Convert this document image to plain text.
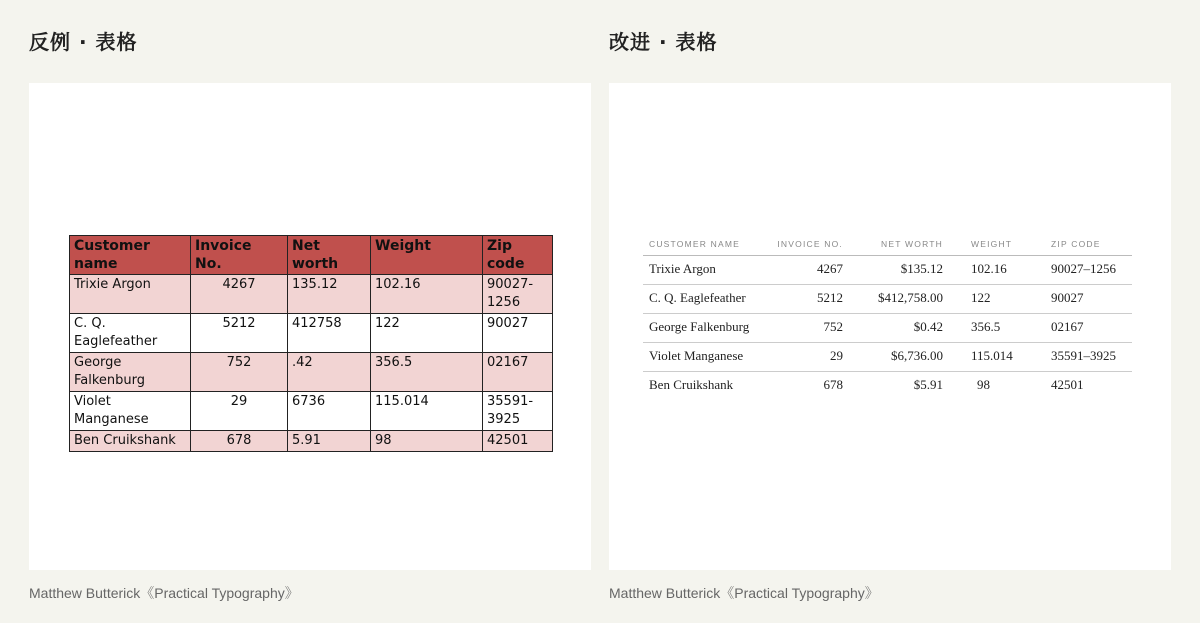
反例 · 表格
Customer name	Invoice No.	Net worth	Weight	Zip code
Trixie Argon	4267	135.12	102.16	90027-1256
C. Q. Eaglefeather	5212	412758	122	90027
George Falkenburg	752	.42	356.5	02167
Violet Manganese	29	6736	115.014	35591-3925
Ben Cruikshank	678	5.91	98	42501
Matthew Butterick《Practical Typography》
改进 · 表格
CUSTOMER NAME	INVOICE NO.	NET WORTH	WEIGHT	ZIP CODE
Trixie Argon	4267	$135.12	102.16	90027–1256
C. Q. Eaglefeather	5212	$412,758.00	122	90027
George Falkenburg	752	$0.42	356.5	02167
Violet Manganese	29	$6,736.00	115.014	35591–3925
Ben Cruikshank	678	$5.91	98	42501
Matthew Butterick《Practical Typography》
